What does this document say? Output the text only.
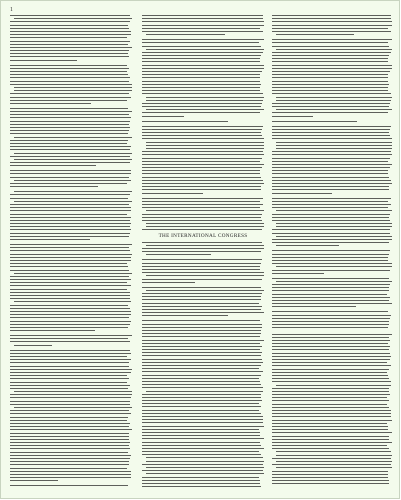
1
THE INTERNATIONAL CONGRESS
